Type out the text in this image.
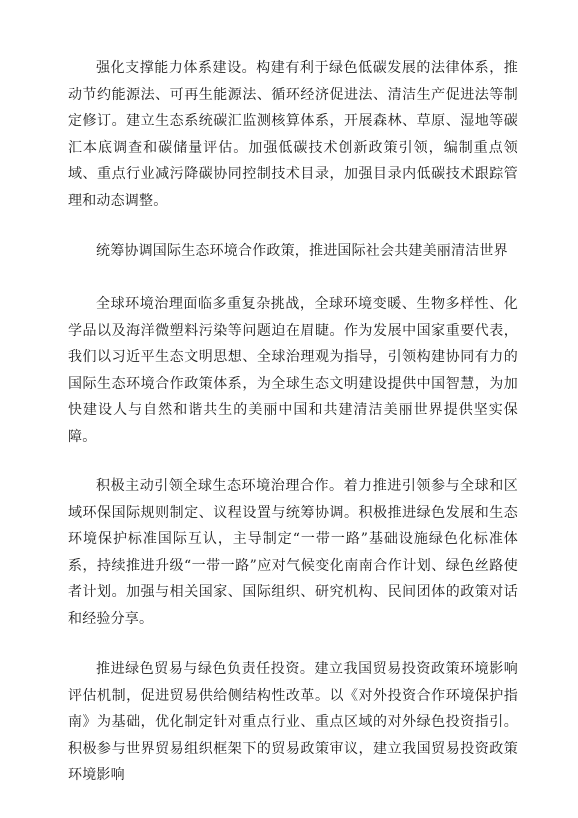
强化支撑能力体系建设。构建有利于绿色低碳发展的法律体系，推动节约能源法、可再生能源法、循环经济促进法、清洁生产促进法等制定修订。建立生态系统碳汇监测核算体系，开展森林、草原、湿地等碳汇本底调查和碳储量评估。加强低碳技术创新政策引领，编制重点领域、重点行业减污降碳协同控制技术目录，加强目录内低碳技术跟踪管理和动态调整。

统筹协调国际生态环境合作政策，推进国际社会共建美丽清洁世界

全球环境治理面临多重复杂挑战，全球环境变暖、生物多样性、化学品以及海洋微塑料污染等问题迫在眉睫。作为发展中国家重要代表，我们以习近平生态文明思想、全球治理观为指导，引领构建协同有力的国际生态环境合作政策体系，为全球生态文明建设提供中国智慧，为加快建设人与自然和谐共生的美丽中国和共建清洁美丽世界提供坚实保障。

积极主动引领全球生态环境治理合作。着力推进引领参与全球和区域环保国际规则制定、议程设置与统筹协调。积极推进绿色发展和生态环境保护标准国际互认，主导制定“一带一路”基础设施绿色化标准体系，持续推进升级“一带一路”应对气候变化南南合作计划、绿色丝路使者计划。加强与相关国家、国际组织、研究机构、民间团体的政策对话和经验分享。

推进绿色贸易与绿色负责任投资。建立我国贸易投资政策环境影响评估机制，促进贸易供给侧结构性改革。以《对外投资合作环境保护指南》为基础，优化制定针对重点行业、重点区域的对外绿色投资指引。积极参与世界贸易组织框架下的贸易政策审议，建立我国贸易投资政策环境影响
